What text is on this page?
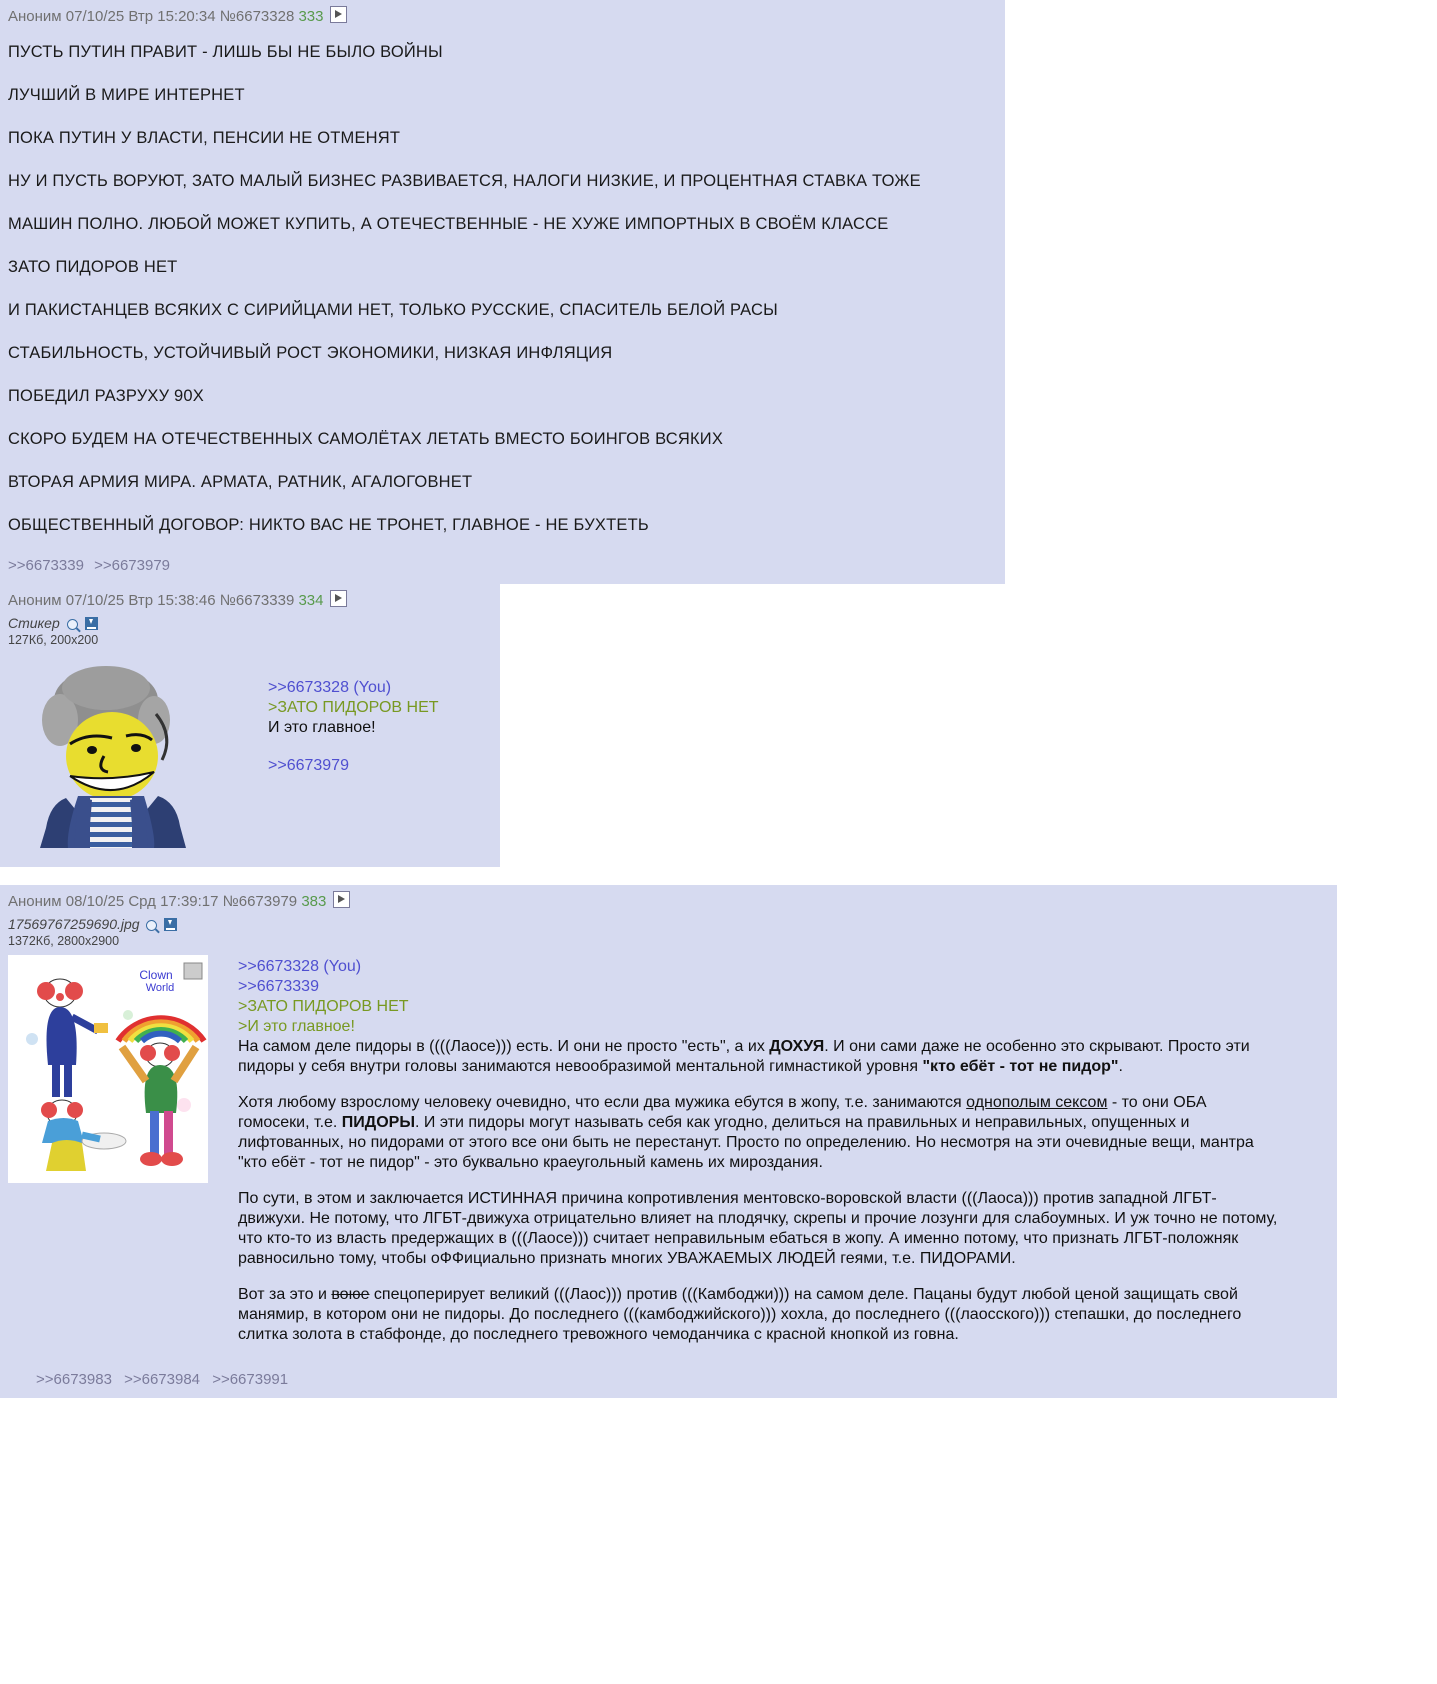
Аноним 07/10/25 Втр 15:20:34 №6673328 333
ПУСТЬ ПУТИН ПРАВИТ - ЛИШЬ БЫ НЕ БЫЛО ВОЙНЫ
ЛУЧШИЙ В МИРЕ ИНТЕРНЕТ
ПОКА ПУТИН У ВЛАСТИ, ПЕНСИИ НЕ ОТМЕНЯТ
НУ И ПУСТЬ ВОРУЮТ, ЗАТО МАЛЫЙ БИЗНЕС РАЗВИВАЕТСЯ, НАЛОГИ НИЗКИЕ, И ПРОЦЕНТНАЯ СТАВКА ТОЖЕ
МАШИН ПОЛНО. ЛЮБОЙ МОЖЕТ КУПИТЬ, А ОТЕЧЕСТВЕННЫЕ - НЕ ХУЖЕ ИМПОРТНЫХ В СВОЁМ КЛАССЕ
ЗАТО ПИДОРОВ НЕТ
И ПАКИСТАНЦЕВ ВСЯКИХ С СИРИЙЦАМИ НЕТ, ТОЛЬКО РУССКИЕ, СПАСИТЕЛЬ БЕЛОЙ РАСЫ
СТАБИЛЬНОСТЬ, УСТОЙЧИВЫЙ РОСТ ЭКОНОМИКИ, НИЗКАЯ ИНФЛЯЦИЯ
ПОБЕДИЛ РАЗРУХУ 90Х
СКОРО БУДЕМ НА ОТЕЧЕСТВЕННЫХ САМОЛЁТАХ ЛЕТАТЬ ВМЕСТО БОИНГОВ ВСЯКИХ
ВТОРАЯ АРМИЯ МИРА. АРМАТА, РАТНИК, АГАЛОГОВНЕТ
ОБЩЕСТВЕННЫЙ ДОГОВОР: НИКТО ВАС НЕ ТРОНЕТ, ГЛАВНОЕ - НЕ БУХТЕТЬ
>>6673339 >>6673979
Аноним 07/10/25 Втр 15:38:46 №6673339 334
Стикер
127Кб, 200x200
>>6673328 (You)
>ЗАТО ПИДОРОВ НЕТ
И это главное!
>>6673979
Аноним 08/10/25 Срд 17:39:17 №6673979 383
17569767259690.jpg
1372Кб, 2800x2900
Clown
World
>>6673328 (You)
>>6673339
>ЗАТО ПИДОРОВ НЕТ
>И это главное!

На самом деле пидоры в ((((Лаосе))) есть. И они не просто "есть", а их ДОХУЯ. И они сами даже не особенно это скрывают. Просто эти пидоры у себя внутри головы занимаются невообразимой ментальной гимнастикой уровня "кто ебёт - тот не пидор".

Хотя любому взрослому человеку очевидно, что если два мужика ебутся в жопу, т.е. занимаются однополым сексом - то они ОБА гомосеки, т.е. ПИДОРЫ. И эти пидоры могут называть себя как угодно, делиться на правильных и неправильных, опущенных и лифтованных, но пидорами от этого все они быть не перестанут. Просто по определению. Но несмотря на эти очевидные вещи, мантра "кто ебёт - тот не пидор" - это буквально краеугольный камень их мироздания.

По сути, в этом и заключается ИСТИННАЯ причина копротивления ментовско-воровской власти (((Лаоса))) против западной ЛГБТ-движухи. Не потому, что ЛГБТ-движуха отрицательно влияет на плодячку, скрепы и прочие лозунги для слабоумных. И уж точно не потому, что кто-то из власть предержащих в (((Лаосе))) считает неправильным ебаться в жопу. А именно потому, что признать ЛГБТ-положняк равносильно тому, чтобы оФФициально признать многих УВАЖАЕМЫХ ЛЮДЕЙ геями, т.е. ПИДОРАМИ.

Вот за это и воюе спецоперирует великий (((Лаос))) против (((Камбоджи))) на самом деле. Пацаны будут любой ценой защищать свой манямир, в котором они не пидоры. До последнего (((камбоджийского))) хохла, до последнего (((лаосского))) степашки, до последнего слитка золота в стабфонде, до последнего тревожного чемоданчика с красной кнопкой из говна.

>>6673983 >>6673984 >>6673991
